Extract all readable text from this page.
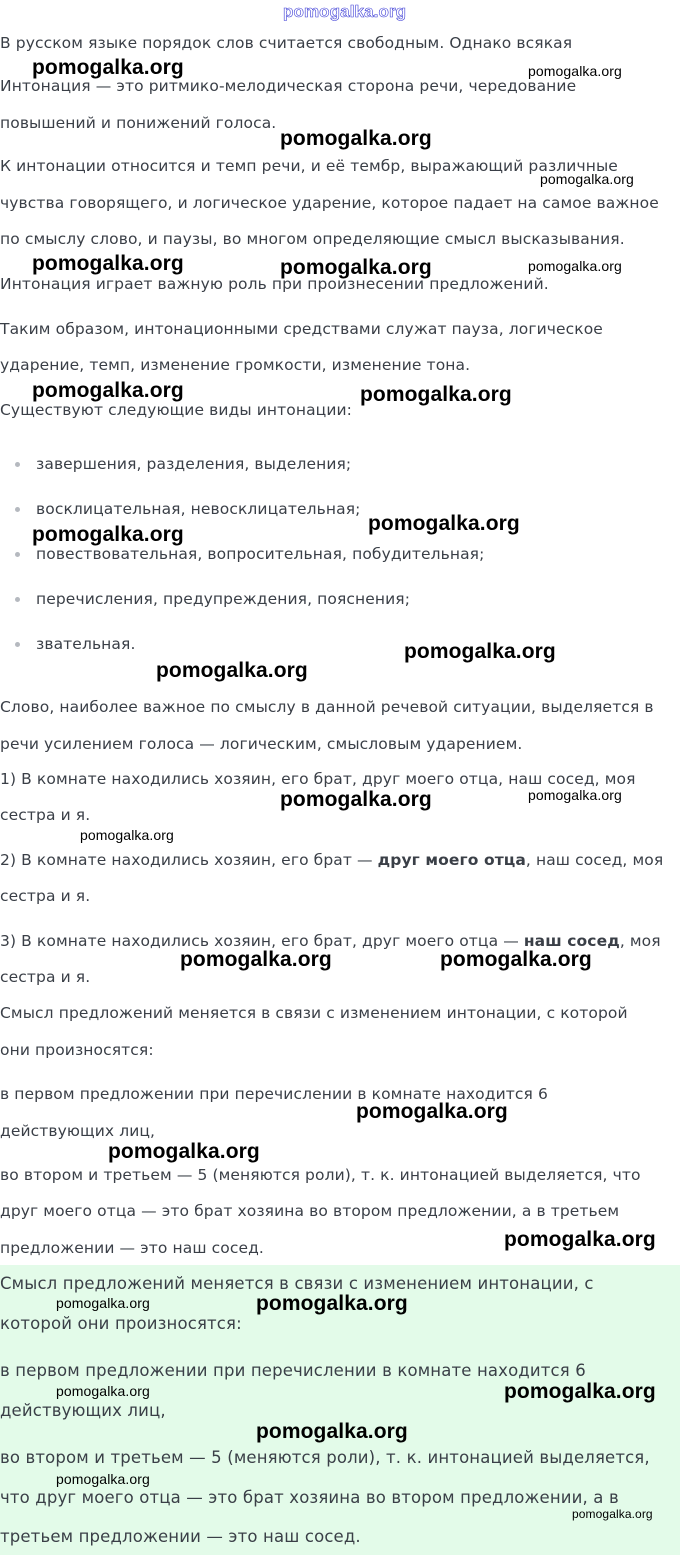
pomogalka.org
В русском языке порядок слов считается свободным. Однако всякая
Интонация — это ритмико-мелодическая сторона речи, чередование
повышений и понижений голоса.
К интонации относится и темп речи, и её тембр, выражающий различные
чувства говорящего, и логическое ударение, которое падает на самое важное
по смыслу слово, и паузы, во многом определяющие смысл высказывания.
Интонация играет важную роль при произнесении предложений.
Таким образом, интонационными средствами служат пауза, логическое
ударение, темп, изменение громкости, изменение тона.
Существуют следующие виды интонации:
завершения, разделения, выделения;
восклицательная, невосклицательная;
повествовательная, вопросительная, побудительная;
перечисления, предупреждения, пояснения;
звательная.
Слово, наиболее важное по смыслу в данной речевой ситуации, выделяется в
речи усилением голоса — логическим, смысловым ударением.
1) В комнате находились хозяин, его брат, друг моего отца, наш сосед, моя
сестра и я.
2) В комнате находились хозяин, его брат — друг моего отца, наш сосед, моя
сестра и я.
3) В комнате находились хозяин, его брат, друг моего отца — наш сосед, моя
сестра и я.
Смысл предложений меняется в связи с изменением интонации, с которой
они произносятся:
в первом предложении при перечислении в комнате находится 6
действующих лиц,
во втором и третьем — 5 (меняются роли), т. к. интонацией выделяется, что
друг моего отца — это брат хозяина во втором предложении, а в третьем
предложении — это наш сосед.
Смысл предложений меняется в связи с изменением интонации, с
которой они произносятся:
в первом предложении при перечислении в комнате находится 6
действующих лиц,
во втором и третьем — 5 (меняются роли), т. к. интонацией выделяется,
что друг моего отца — это брат хозяина во втором предложении, а в
третьем предложении — это наш сосед.
pomogalka.org	pomogalka.org
pomogalka.org
pomogalka.org
pomogalka.org	pomogalka.org	pomogalka.org
pomogalka.org	pomogalka.org
pomogalka.org	pomogalka.org
pomogalka.org
pomogalka.org
pomogalka.org	pomogalka.org
pomogalka.org
pomogalka.org	pomogalka.org
pomogalka.org
pomogalka.org
pomogalka.org
pomogalka.org	pomogalka.org
pomogalka.org	pomogalka.org
pomogalka.org
pomogalka.org
pomogalka.org
